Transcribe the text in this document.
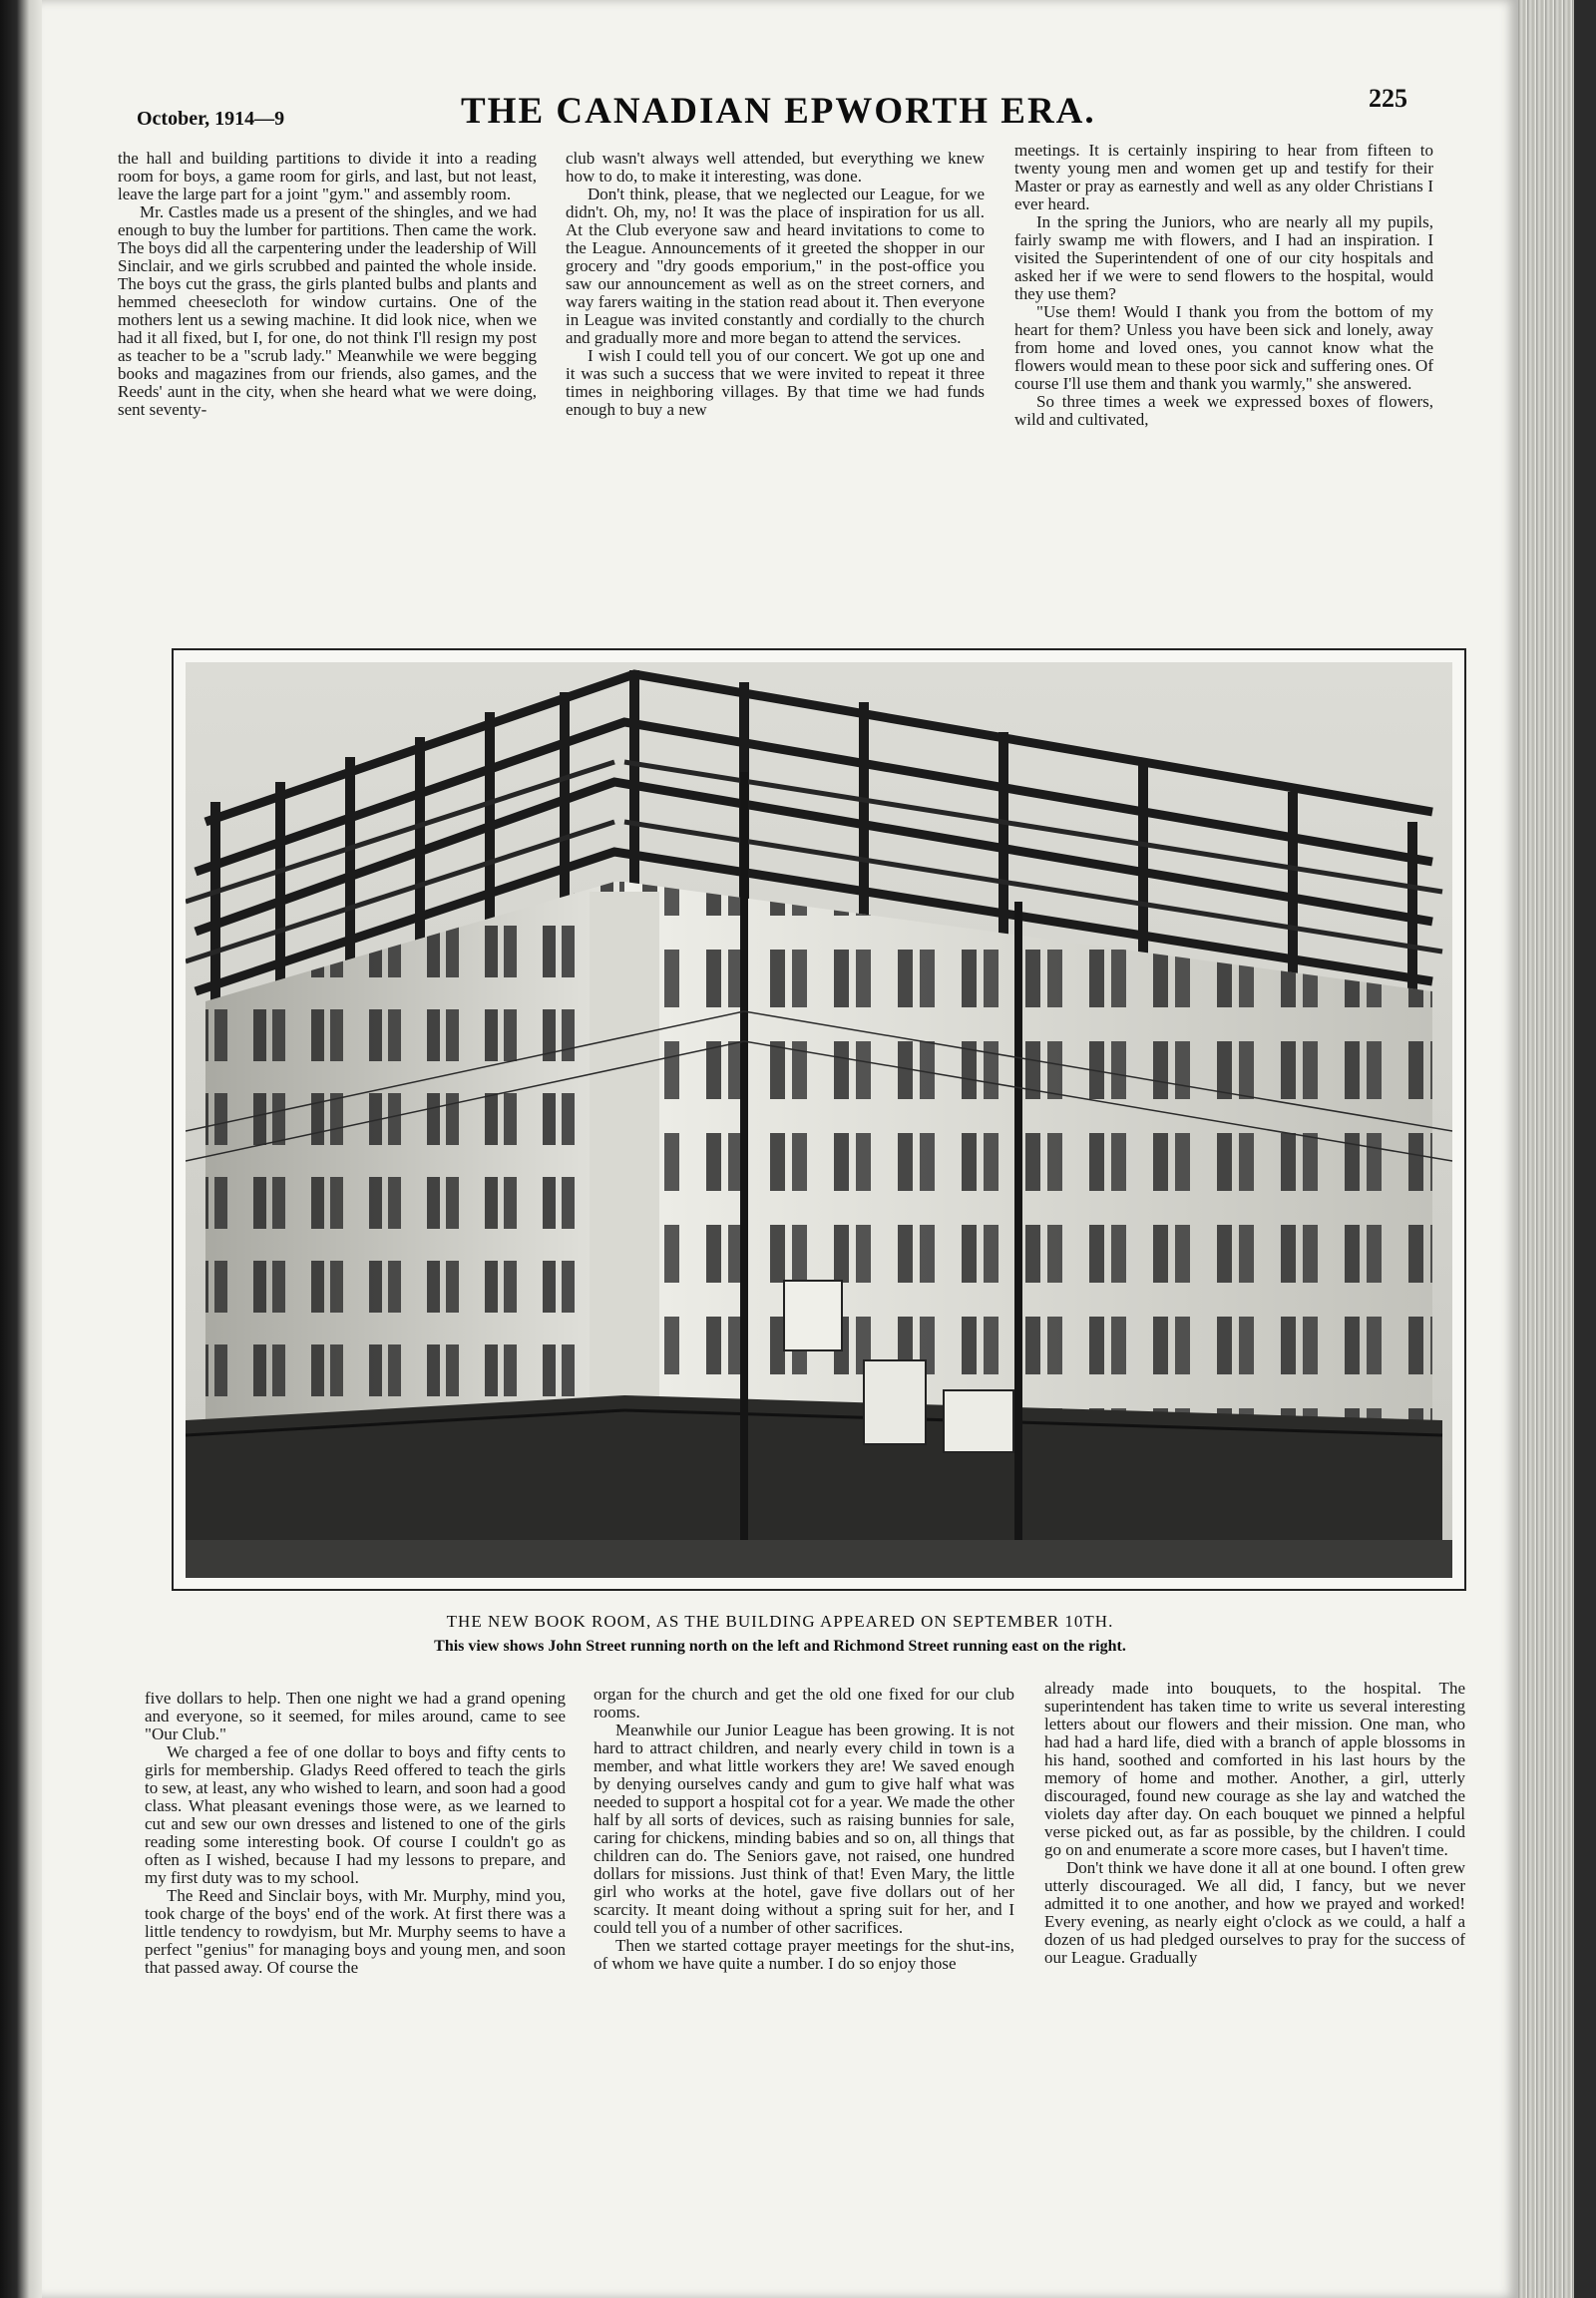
October, 1914—9	THE CANADIAN EPWORTH ERA.	225

the hall and building partitions to divide it into a reading room for boys, a game room for girls, and last, but not least, leave the large part for a joint "gym." and assembly room.

Mr. Castles made us a present of the shingles, and we had enough to buy the lumber for partitions. Then came the work. The boys did all the carpentering under the leadership of Will Sinclair, and we girls scrubbed and painted the whole inside. The boys cut the grass, the girls planted bulbs and plants and hemmed cheesecloth for window curtains. One of the mothers lent us a sewing machine. It did look nice, when we had it all fixed, but I, for one, do not think I'll resign my post as teacher to be a "scrub lady." Meanwhile we were begging books and magazines from our friends, also games, and the Reeds' aunt in the city, when she heard what we were doing, sent seventy-

club wasn't always well attended, but everything we knew how to do, to make it interesting, was done.

Don't think, please, that we neglected our League, for we didn't. Oh, my, no! It was the place of inspiration for us all. At the Club everyone saw and heard invitations to come to the League. Announcements of it greeted the shopper in our grocery and "dry goods emporium," in the post-office you saw our announcement as well as on the street corners, and way farers waiting in the station read about it. Then everyone in League was invited constantly and cordially to the church and gradually more and more began to attend the services.

I wish I could tell you of our concert. We got up one and it was such a success that we were invited to repeat it three times in neighboring villages. By that time we had funds enough to buy a new

meetings. It is certainly inspiring to hear from fifteen to twenty young men and women get up and testify for their Master or pray as earnestly and well as any older Christians I ever heard.

In the spring the Juniors, who are nearly all my pupils, fairly swamp me with flowers, and I had an inspiration. I visited the Superintendent of one of our city hospitals and asked her if we were to send flowers to the hospital, would they use them?

"Use them! Would I thank you from the bottom of my heart for them? Unless you have been sick and lonely, away from home and loved ones, you cannot know what the flowers would mean to these poor sick and suffering ones. Of course I'll use them and thank you warmly," she answered.

So three times a week we expressed boxes of flowers, wild and cultivated,

THE NEW BOOK ROOM, AS THE BUILDING APPEARED ON SEPTEMBER 10TH.
This view shows John Street running north on the left and Richmond Street running east on the right.

five dollars to help. Then one night we had a grand opening and everyone, so it seemed, for miles around, came to see "Our Club."

We charged a fee of one dollar to boys and fifty cents to girls for membership. Gladys Reed offered to teach the girls to sew, at least, any who wished to learn, and soon had a good class. What pleasant evenings those were, as we learned to cut and sew our own dresses and listened to one of the girls reading some interesting book. Of course I couldn't go as often as I wished, because I had my lessons to prepare, and my first duty was to my school.

The Reed and Sinclair boys, with Mr. Murphy, mind you, took charge of the boys' end of the work. At first there was a little tendency to rowdyism, but Mr. Murphy seems to have a perfect "genius" for managing boys and young men, and soon that passed away. Of course the

organ for the church and get the old one fixed for our club rooms.

Meanwhile our Junior League has been growing. It is not hard to attract children, and nearly every child in town is a member, and what little workers they are! We saved enough by denying ourselves candy and gum to give half what was needed to support a hospital cot for a year. We made the other half by all sorts of devices, such as raising bunnies for sale, caring for chickens, minding babies and so on, all things that children can do. The Seniors gave, not raised, one hundred dollars for missions. Just think of that! Even Mary, the little girl who works at the hotel, gave five dollars out of her scarcity. It meant doing without a spring suit for her, and I could tell you of a number of other sacrifices.

Then we started cottage prayer meetings for the shut-ins, of whom we have quite a number. I do so enjoy those

already made into bouquets, to the hospital. The superintendent has taken time to write us several interesting letters about our flowers and their mission. One man, who had had a hard life, died with a branch of apple blossoms in his hand, soothed and comforted in his last hours by the memory of home and mother. Another, a girl, utterly discouraged, found new courage as she lay and watched the violets day after day. On each bouquet we pinned a helpful verse picked out, as far as possible, by the children. I could go on and enumerate a score more cases, but I haven't time.

Don't think we have done it all at one bound. I often grew utterly discouraged. We all did, I fancy, but we never admitted it to one another, and how we prayed and worked! Every evening, as nearly eight o'clock as we could, a half a dozen of us had pledged ourselves to pray for the success of our League. Gradually
